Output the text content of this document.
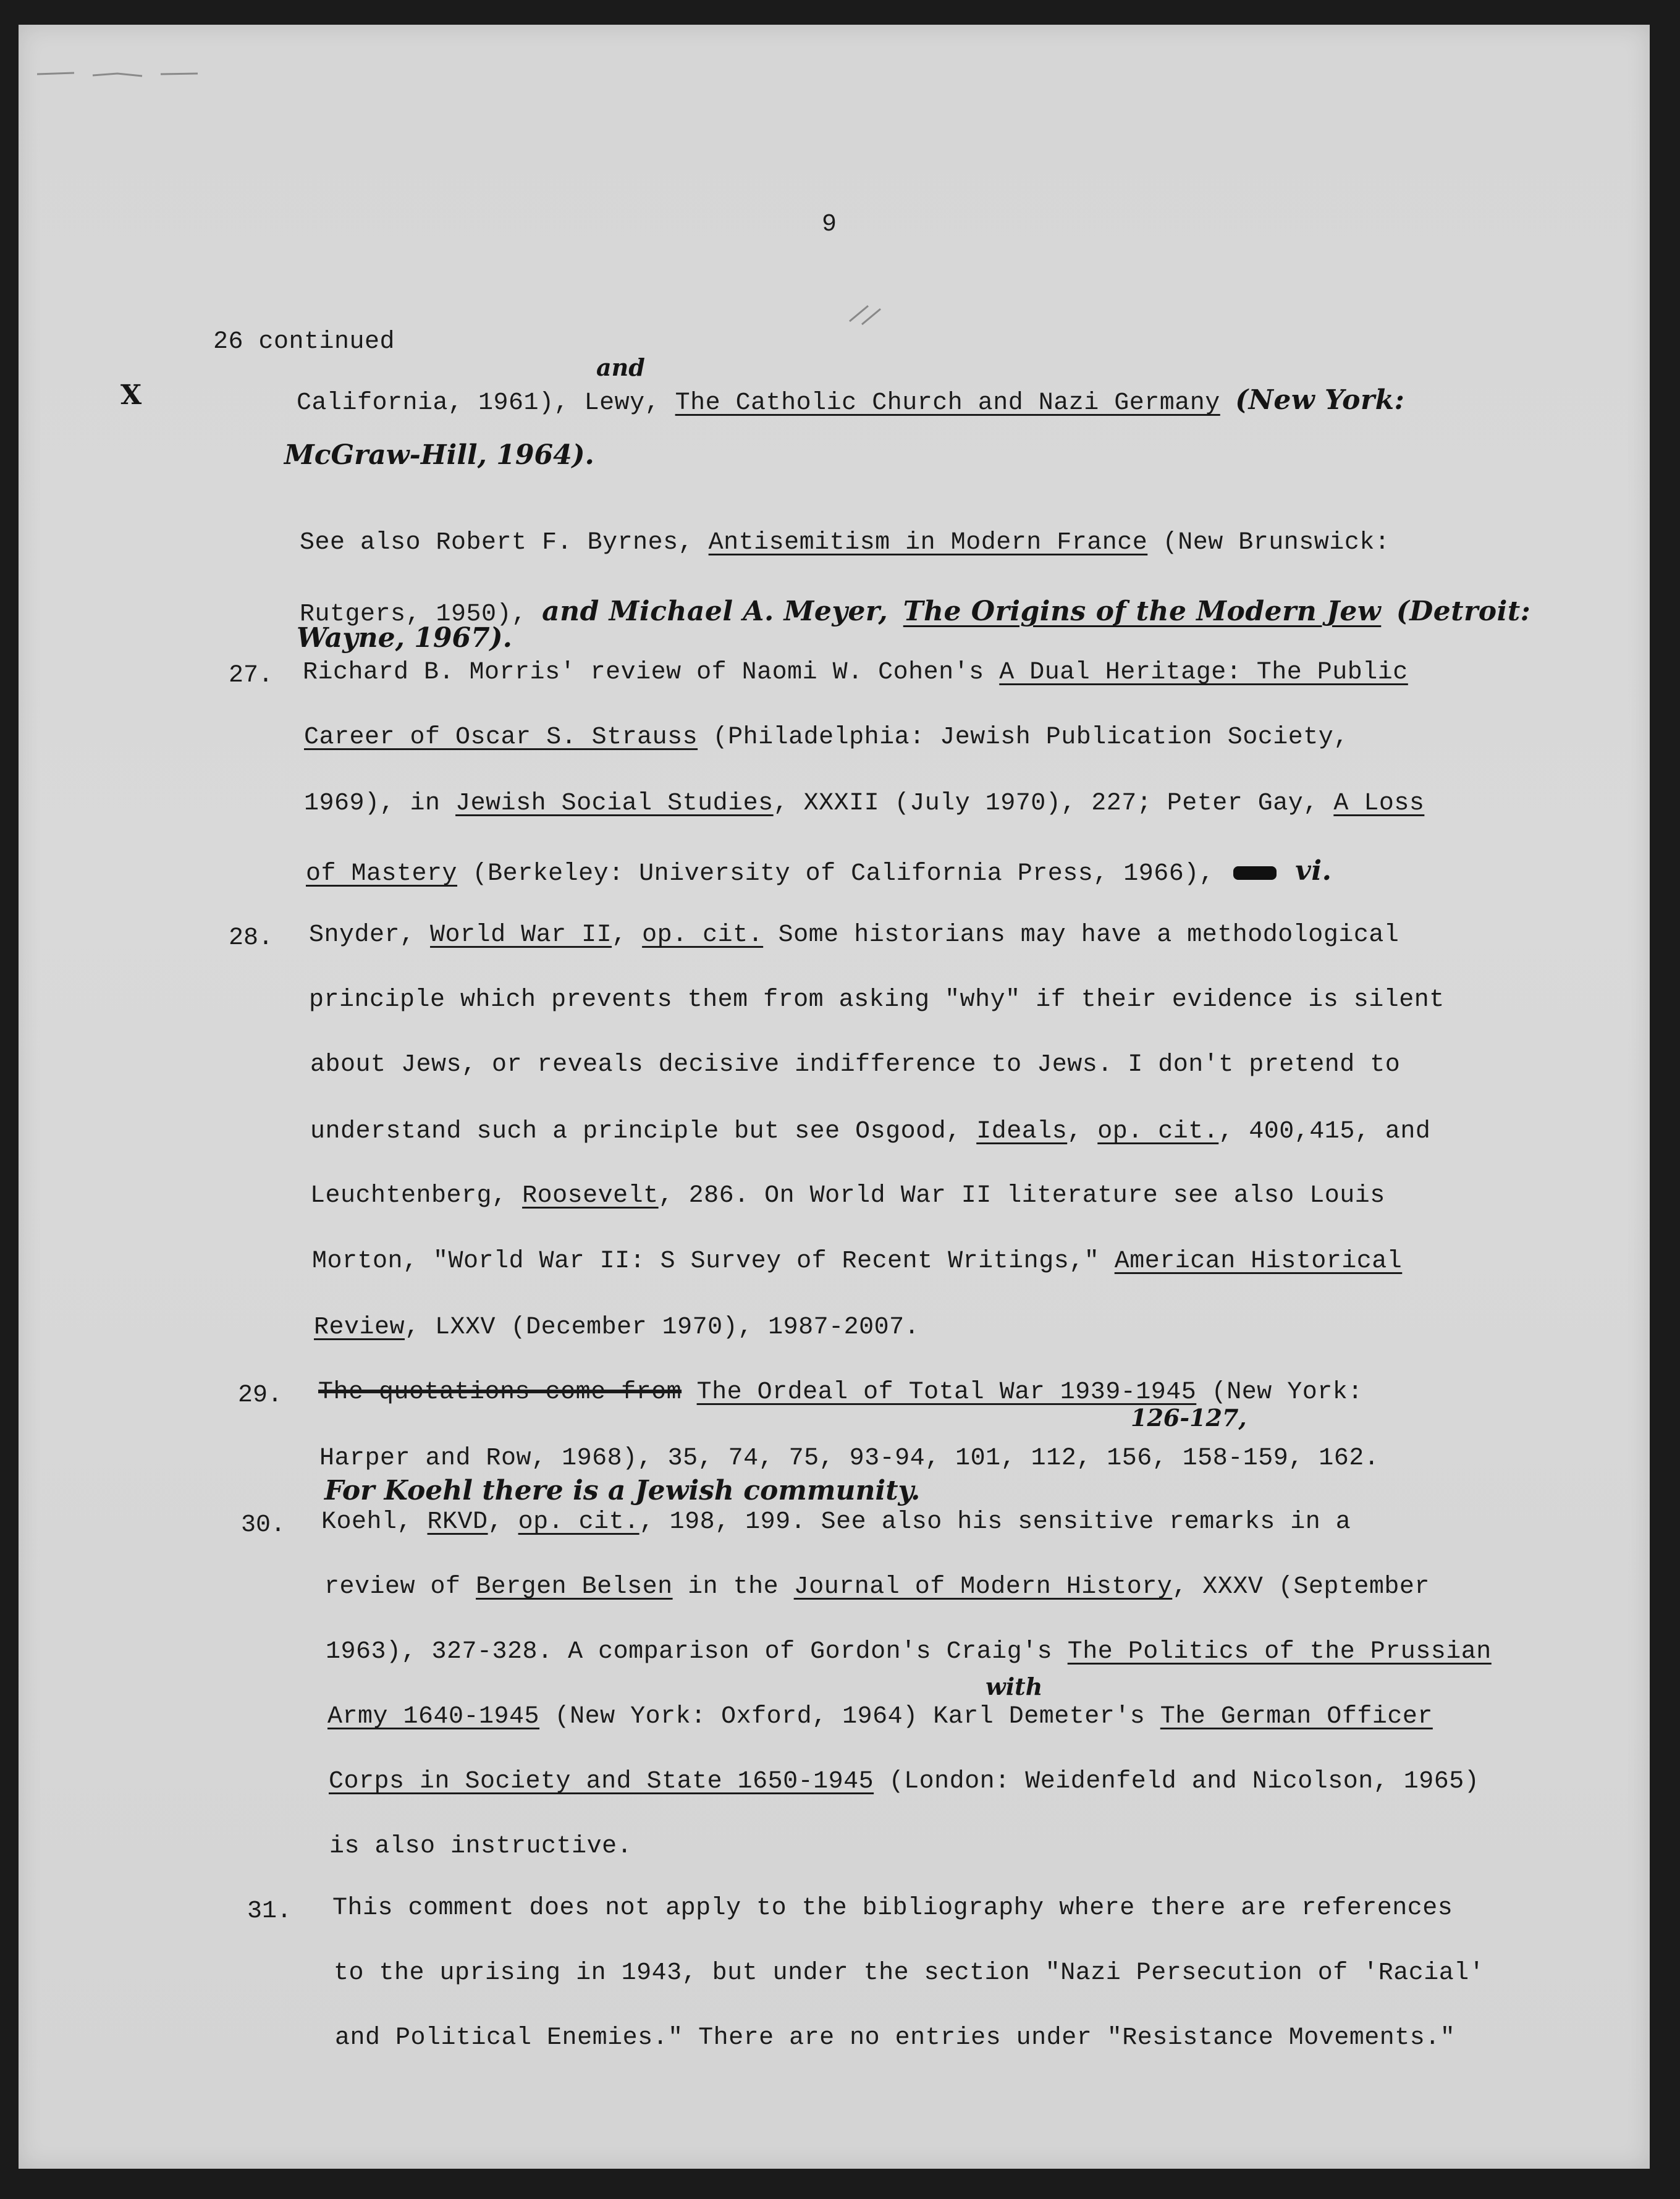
9
26 continued
X
and
California, 1961), Lewy, The Catholic Church and Nazi Germany (New York:
McGraw-Hill, 1964).
See also Robert F. Byrnes, Antisemitism in Modern France (New Brunswick:
Rutgers, 1950), and Michael A. Meyer, The Origins of the Modern Jew (Detroit:
Wayne, 1967).
27. Richard B. Morris' review of Naomi W. Cohen's A Dual Heritage: The Public
Career of Oscar S. Strauss (Philadelphia: Jewish Publication Society,
1969), in Jewish Social Studies, XXXII (July 1970), 227; Peter Gay, A Loss
of Mastery (Berkeley: University of California Press, 1966),	vi.
28. Snyder, World War II, op. cit. Some historians may have a methodological
principle which prevents them from asking "why" if their evidence is silent
about Jews, or reveals decisive indifference to Jews. I don't pretend to
understand such a principle but see Osgood, Ideals, op. cit., 400,415, and
Leuchtenberg, Roosevelt, 286. On World War II literature see also Louis
Morton, "World War II: S Survey of Recent Writings," American Historical
Review, LXXV (December 1970), 1987-2007.
29. The quotations come from The Ordeal of Total War 1939-1945 (New York:
126-127,
Harper and Row, 1968), 35, 74, 75, 93-94, 101, 112, 156, 158-159, 162.
For Koehl there is a Jewish community.
30. Koehl, RKVD, op. cit., 198, 199. See also his sensitive remarks in a
review of Bergen Belsen in the Journal of Modern History, XXXV (September
1963), 327-328. A comparison of Gordon's Craig's The Politics of the Prussian
with
Army 1640-1945 (New York: Oxford, 1964) Karl Demeter's The German Officer
Corps in Society and State 1650-1945 (London: Weidenfeld and Nicolson, 1965)
is also instructive.
31. This comment does not apply to the bibliography where there are references
to the uprising in 1943, but under the section "Nazi Persecution of 'Racial'
and Political Enemies." There are no entries under "Resistance Movements."
